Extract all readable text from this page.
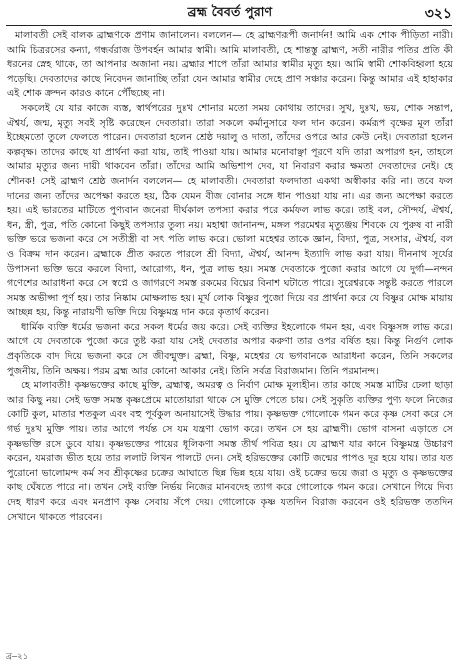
ব্রহ্ম বৈবর্ত পুরাণ	৩২১

মালাবতী সেই বালক ব্রাহ্মণকে প্রণাম জানালেন। বললেন— হে ব্রাহ্মণরূপী জনার্দন! আমি এক শোক পীড়িতা নারী। আমি চিত্ররসের কন্যা, গন্ধর্বরাজ উপবর্হন আমার স্বামী। আমি মালাবতী, হে শান্তস্তু ব্রাহ্মণ, সতী নারীর পতির প্রতি কী ধরনের স্নেহ থাকে, তা আপনার অজানা নয়। ব্রহ্মার শাপে তাঁরা আমার স্বামীর মৃত্যু হয়। আমি স্বামী শোকবিহ্বলা হয়ে পড়েছি। দেবতাদের কাছে নিবেদন জানাচ্ছি তাঁরা যেন আমার স্বামীর দেহে প্রাণ সঞ্চার করেন। কিন্তু আমার এই হাহাকার এই শোক ক্রন্দন কারও কানে পৌঁছচ্ছে না।

সকলেই যে যার কাজে ব্যস্ত, স্বার্থপরের দুঃখ শোনার মতো সময় কোথায় তাদের। সুখ, দুঃখ, ভয়, শোক সন্তাপ, ঐশ্বর্য, জন্ম, মৃত্যু সবই সৃষ্টি করেছেন দেবতারা। তারা সকলে কর্মানুসারে ফল দান করেন। কর্মরূপ বৃক্ষের মূল তাঁরা ইচ্ছেমতো তুলে ফেলতে পারেন। দেবতারা হলেন শ্রেষ্ঠ দয়ালু ও দাতা, তাঁদের ওপরে আর কেউ নেই। দেবতারা হলেন কল্পবৃক্ষ। তাদের কাছে যা প্রার্থনা করা যায়, তাই পাওয়া যায়। আমার মনোবাঞ্ছা পূরণে যদি তারা অপারগ হন, তাহলে আমার মৃত্যুর জন্য দায়ী থাকবেন তাঁরা। তাঁদের আমি অভিশাপ দেব, যা নিবারণ করার ক্ষমতা দেবতাদের নেই। হে শৌনক! সেই ব্রাহ্মণ শ্রেষ্ঠ জনার্দন বললেন— হে মালাবতী। দেবতারা ফলদাতা একথা অস্বীকার করি না। তবে ফল দানের জন্য তাঁদের অপেক্ষা করতে হয়, ঠিক যেমন বীজ বোনার সঙ্গে ধান পাওয়া যায় না। এর জন্য অপেক্ষা করতে হয়। এই ভারতের মাটিতে পুণ্যবান জনেরা দীর্ঘকাল তপস্যা করার পরে কর্মফল লাভ করে। তাই বল, সৌন্দর্য, ঐশ্বর্য, ধন, স্ত্রী, পুত্র, পতি কোনো কিছুই তপস্যার তুল্য নয়। মহাশ্বা জানানন্দ, মঙ্গল পরমেশ্বর মৃত্যুঞ্জয় শিবকে যে পুরুষ বা নারী ভক্তি ভরে ভজনা করে সে সতীস্ত্রী বা সৎ পতি লাভ করে। ভোলা মহেশ্বর তাকে জ্ঞান, বিদ্যা, পুত্র, সংসার, ঐশ্বর্য, বল ও বিক্রম দান করেন। ব্রহ্মাকে প্রীত করতে পারলে শ্রী বিদ্যা, ঐশ্বর্য, আনন্দ ইত্যাদি লাভ করা যায়। দীননাথ সূর্যের উপাসনা ভক্তি ভরে করলে বিদ্যা, আরোগ্য, ধন, পুত্র লাভ হয়। সমস্ত দেবতাকে পুজো করার আগে যে দুর্গা—নন্দন গণেশের আরাধনা করে সে স্বপ্নে ও জাগরণে সমস্ত রকমের বিঘ্নের বিনাশ ঘটাতে পারে। সুরেশ্বরকে সন্তুষ্ট করতে পারলে সমস্ত অভীপ্সা পূর্ণ হয়। তার নিষ্কাম মোক্ষলাভ হয়। মূর্খ লোক বিষ্ণুর পুজো দিয়ে বর প্রার্থনা করে যে বিষ্ণুর মোক্ষ মায়ায় আচ্ছন্ন হয়, কিন্তু নারায়ণী ভক্তি দিয়ে বিষ্ণুমন্ত্র দান করে কৃতার্থ করেন।

ধার্মিক ব্যক্তি ধর্মের ভজনা করে সকল ধর্মের জয় করে। সেই ব্যক্তির ইহলোকে গমন হয়, এবং বিষ্ণুসঙ্গ লাভ করে। আগে যে দেবতাকে পুজো করে তুষ্ট করা যায় সেই দেবতার অপার করুণা তার ওপর বর্ষিত হয়। কিন্তু নির্গুণ লোক প্রকৃতিকে বাদ দিয়ে ভজনা করে সে জীবন্মুক্ত। ব্রহ্মা, বিষ্ণু, মহেশ্বর যে ভগবানকে আরাধনা করেন, তিনি সকলের পুজনীয়, তিনি অক্ষয়। পরম ব্রহ্ম আর কোনো আকার নেই। তিনি সর্বত্র বিরাজমান। তিনি পরমানন্দ।

হে মালাবতী! কৃষ্ণভক্তের কাছে মুক্তি, ব্রহ্মাত্ব, অমরত্ব ও নির্বাণ মোক্ষ মূল্যহীন। তার কাছে সমস্ত মাটির ঢেলা ছাড়া আর কিছু নয়। সেই ভক্ত সমস্ত কৃষ্ণপ্রেমে মাতোয়ারা থাকে সে মুক্তি পেতে চায়। সেই সুকৃতি ব্যক্তির পুণ্য ফলে নিজের কোটি কুল, মাতার শতকুল এবং বহু পূর্বকুল অনায়াসেই উদ্ধার পায়। কৃষ্ণভক্ত গোলোকে গমন করে কৃষ্ণ সেবা করে সে গর্ভ দুঃখ মুক্তি পায়। তার আগে পর্যন্ত সে যম যন্ত্রণা ভোগ করে। তখন সে হয় ব্রাহ্মণী। ভোগ বাসনা এড়াতে সে কৃষ্ণভক্তি রসে ডুবে যায়। কৃষ্ণভক্তের পায়ের ধূলিকণা সমস্ত তীর্থ পবিত্র হয়। যে ব্রাহ্মণ যার কানে বিষ্ণুমন্ত্র উচ্চারণ করেন, যমরাজ ভীত হয়ে তার ললাট লিখন পালটে দেন। সেই হরিভক্তের কোটি জন্মের পাপও দূর হয়ে যায়। তার যত পুরোনো ভালোমন্দ কর্ম সব শ্রীকৃষ্ণের চক্রের আঘাতে ছিন্ন ভিন্ন হয়ে যায়। ওই চক্রের ভয়ে জরা ও মৃত্যু ও কৃষ্ণভক্তের কাছ ঘেঁষতে পারে না। তখন সেই ব্যক্তি নির্ভয় নিজের মানবদেহ ত্যাগ করে গোলোকে গমন করে। সেখানে গিয়ে দিব্য দেহ ধারণ করে এবং মনপ্রাণ কৃষ্ণ সেবায় সঁপে দেয়। গোলোকে কৃষ্ণ যতদিন বিরাজ করবেন ওই হরিভক্ত ততদিন সেখানে থাকতে পারবেন।

ব্র—২১
